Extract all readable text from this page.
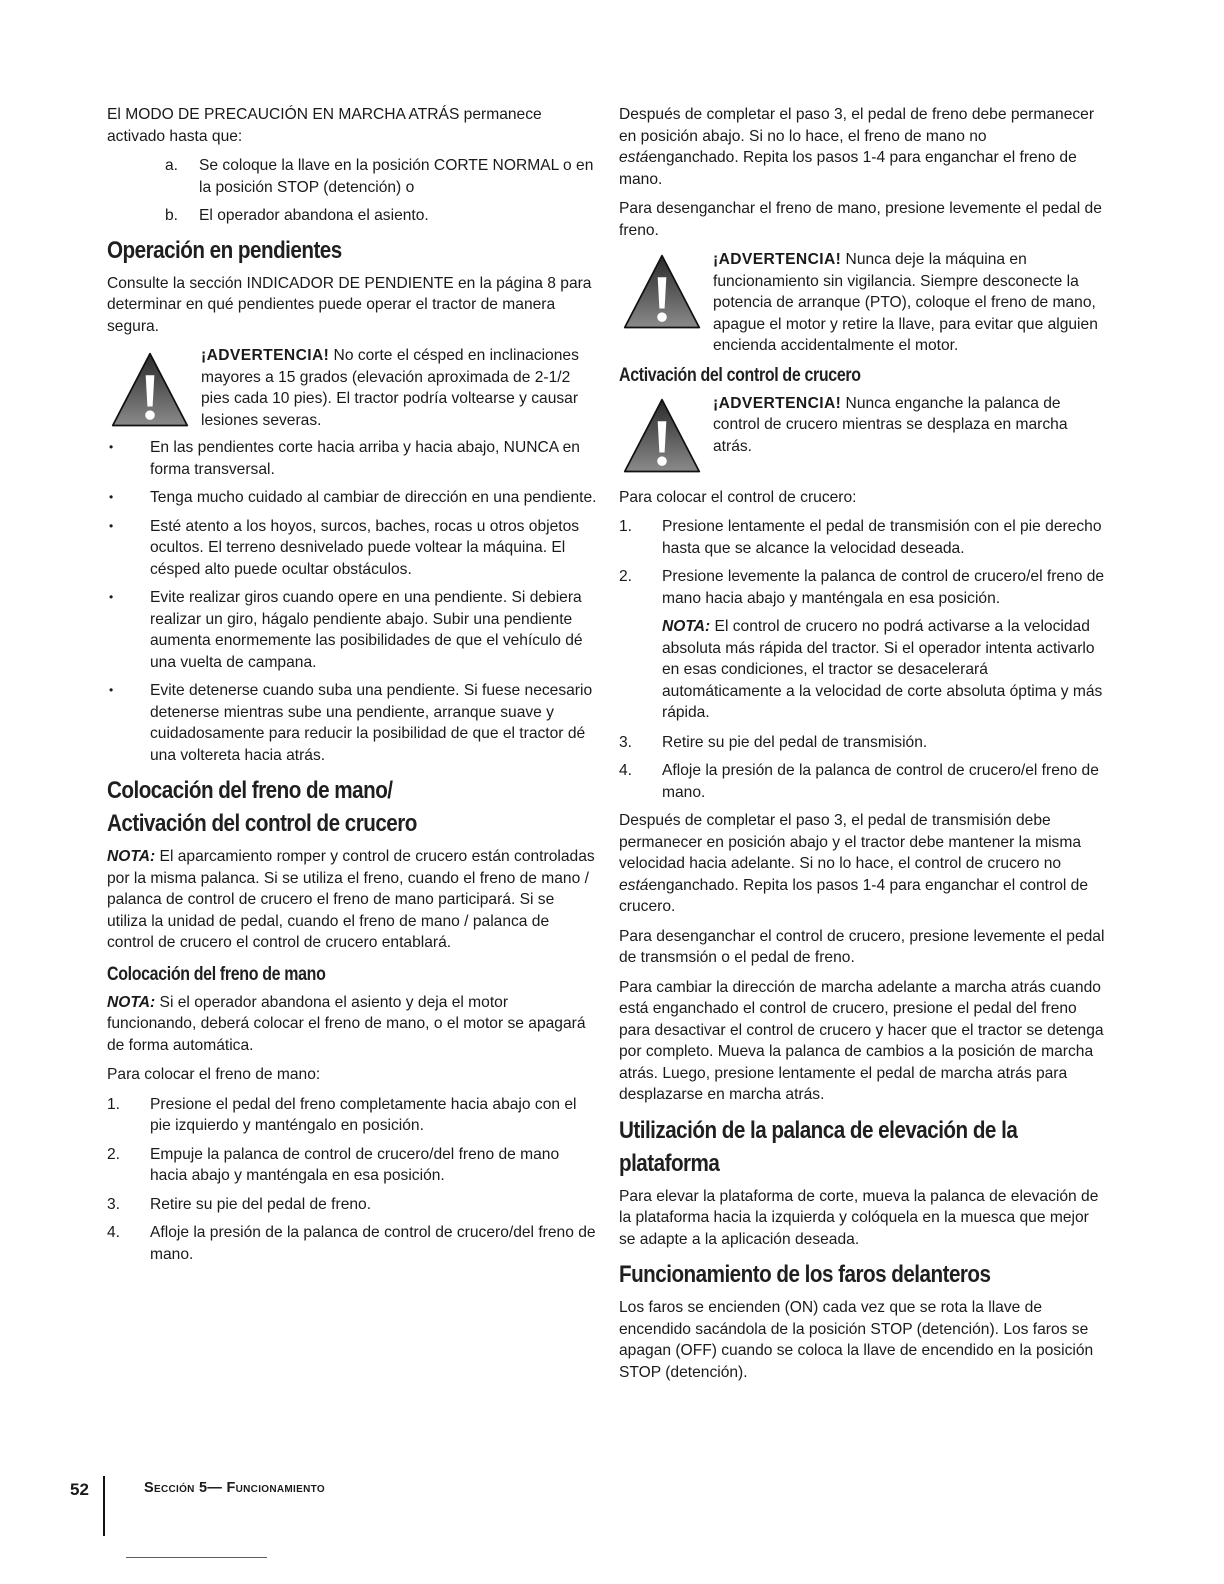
El MODO DE PRECAUCIÓN EN MARCHA ATRÁS permanece activado hasta que:

a. Se coloque la llave en la posición CORTE NORMAL o en la posición STOP (detención) o
b. El operador abandona el asiento.
Operación en pendientes

Consulte la sección INDICADOR DE PENDIENTE en la página 8 para determinar en qué pendientes puede operar el tractor de manera segura.

¡ADVERTENCIA! No corte el césped en inclinaciones mayores a 15 grados (elevación aproximada de 2-1/2 pies cada 10 pies). El tractor podría voltearse y causar lesiones severas.

• En las pendientes corte hacia arriba y hacia abajo, NUNCA en forma transversal.
• Tenga mucho cuidado al cambiar de dirección en una pendiente.
• Esté atento a los hoyos, surcos, baches, rocas u otros objetos ocultos. El terreno desnivelado puede voltear la máquina. El césped alto puede ocultar obstáculos.
• Evite realizar giros cuando opere en una pendiente. Si debiera realizar un giro, hágalo pendiente abajo. Subir una pendiente aumenta enormemente las posibilidades de que el vehículo dé una vuelta de campana.
• Evite detenerse cuando suba una pendiente. Si fuese necesario detenerse mientras sube una pendiente, arranque suave y cuidadosamente para reducir la posibilidad de que el tractor dé una voltereta hacia atrás.
Colocación del freno de mano/
Activación del control de crucero

NOTA: El aparcamiento romper y control de crucero están controladas por la misma palanca. Si se utiliza el freno, cuando el freno de mano / palanca de control de crucero el freno de mano participará. Si se utiliza la unidad de pedal, cuando el freno de mano / palanca de control de crucero el control de crucero entablará.

Colocación del freno de mano

NOTA: Si el operador abandona el asiento y deja el motor funcionando, deberá colocar el freno de mano, o el motor se apagará de forma automática.

Para colocar el freno de mano:

1. Presione el pedal del freno completamente hacia abajo con el pie izquierdo y manténgalo en posición.
2. Empuje la palanca de control de crucero/del freno de mano hacia abajo y manténgala en esa posición.
3. Retire su pie del pedal de freno.
4. Afloje la presión de la palanca de control de crucero/del freno de mano.

Después de completar el paso 3, el pedal de freno debe permanecer en posición abajo. Si no lo hace, el freno de mano no estáenganchado. Repita los pasos 1-4 para enganchar el freno de mano.

Para desenganchar el freno de mano, presione levemente el pedal de freno.

¡ADVERTENCIA! Nunca deje la máquina en funcionamiento sin vigilancia. Siempre desconecte la potencia de arranque (PTO), coloque el freno de mano, apague el motor y retire la llave, para evitar que alguien encienda accidentalmente el motor.

Activación del control de crucero

¡ADVERTENCIA! Nunca enganche la palanca de control de crucero mientras se desplaza en marcha atrás.

Para colocar el control de crucero:

1. Presione lentamente el pedal de transmisión con el pie derecho hasta que se alcance la velocidad deseada.
2. Presione levemente la palanca de control de crucero/el freno de mano hacia abajo y manténgala en esa posición.

NOTA: El control de crucero no podrá activarse a la velocidad absoluta más rápida del tractor. Si el operador intenta activarlo en esas condiciones, el tractor se desacelerará automáticamente a la velocidad de corte absoluta óptima y más rápida.

3. Retire su pie del pedal de transmisión.
4. Afloje la presión de la palanca de control de crucero/el freno de mano.

Después de completar el paso 3, el pedal de transmisión debe permanecer en posición abajo y el tractor debe mantener la misma velocidad hacia adelante. Si no lo hace, el control de crucero no estáenganchado. Repita los pasos 1-4 para enganchar el control de crucero.

Para desenganchar el control de crucero, presione levemente el pedal de transmsión o el pedal de freno.

Para cambiar la dirección de marcha adelante a marcha atrás cuando está enganchado el control de crucero, presione el pedal del freno para desactivar el control de crucero y hacer que el tractor se detenga por completo. Mueva la palanca de cambios a la posición de marcha atrás. Luego, presione lentamente el pedal de marcha atrás para desplazarse en marcha atrás.

Utilización de la palanca de elevación de la
plataforma

Para elevar la plataforma de corte, mueva la palanca de elevación de la plataforma hacia la izquierda y colóquela en la muesca que mejor se adapte a la aplicación deseada.

Funcionamiento de los faros delanteros

Los faros se encienden (ON) cada vez que se rota la llave de encendido sacándola de la posición STOP (detención). Los faros se apagan (OFF) cuando se coloca la llave de encendido en la posición STOP (detención).

52	Sección 5— Funcionamiento
